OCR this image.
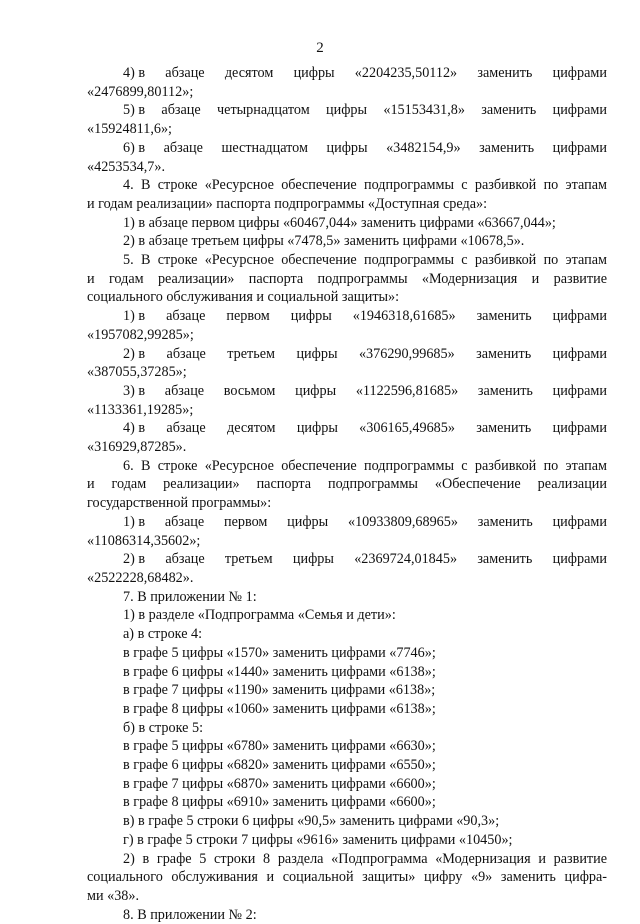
2
4) в абзаце десятом цифры «2204235,50112» заменить цифрами
«2476899,80112»;
5) в абзаце четырнадцатом цифры «15153431,8» заменить цифрами
«15924811,6»;
6) в абзаце шестнадцатом цифры «3482154,9» заменить цифрами
«4253534,7».
4. В строке «Ресурсное обеспечение подпрограммы с разбивкой по этапам
и годам реализации» паспорта подпрограммы «Доступная среда»:
1) в абзаце первом цифры «60467,044» заменить цифрами «63667,044»;
2) в абзаце третьем цифры «7478,5» заменить цифрами «10678,5».
5. В строке «Ресурсное обеспечение подпрограммы с разбивкой по этапам
и годам реализации» паспорта подпрограммы «Модернизация и развитие
социального обслуживания и социальной защиты»:
1) в абзаце первом цифры «1946318,61685» заменить цифрами
«1957082,99285»;
2) в абзаце третьем цифры «376290,99685» заменить цифрами
«387055,37285»;
3) в абзаце восьмом цифры «1122596,81685» заменить цифрами
«1133361,19285»;
4) в абзаце десятом цифры «306165,49685» заменить цифрами
«316929,87285».
6. В строке «Ресурсное обеспечение подпрограммы с разбивкой по этапам
и годам реализации» паспорта подпрограммы «Обеспечение реализации
государственной программы»:
1) в абзаце первом цифры «10933809,68965» заменить цифрами
«11086314,35602»;
2) в абзаце третьем цифры «2369724,01845» заменить цифрами
«2522228,68482».
7. В приложении № 1:
1) в разделе «Подпрограмма «Семья и дети»:
а) в строке 4:
в графе 5 цифры «1570» заменить цифрами «7746»;
в графе 6 цифры «1440» заменить цифрами «6138»;
в графе 7 цифры «1190» заменить цифрами «6138»;
в графе 8 цифры «1060» заменить цифрами «6138»;
б) в строке 5:
в графе 5 цифры «6780» заменить цифрами «6630»;
в графе 6 цифры «6820» заменить цифрами «6550»;
в графе 7 цифры «6870» заменить цифрами «6600»;
в графе 8 цифры «6910» заменить цифрами «6600»;
в) в графе 5 строки 6 цифры «90,5» заменить цифрами «90,3»;
г) в графе 5 строки 7 цифры «9616» заменить цифрами «10450»;
2) в графе 5 строки 8 раздела «Подпрограмма «Модернизация и развитие
социального обслуживания и социальной защиты» цифру «9» заменить цифра-
ми «38».
8. В приложении № 2:
